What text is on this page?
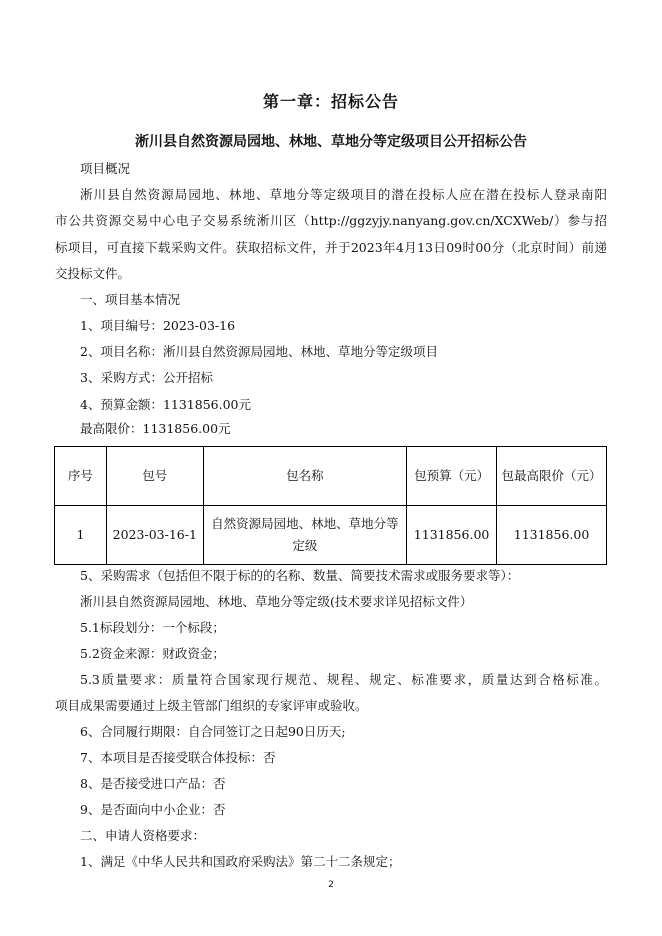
第一章：招标公告
淅川县自然资源局园地、林地、草地分等定级项目公开招标公告
项目概况
淅川县自然资源局园地、林地、草地分等定级项目的潜在投标人应在潜在投标人登录南阳
市公共资源交易中心电子交易系统淅川区（http://ggzyjy.nanyang.gov.cn/XCXWeb/）参与招
标项目，可直接下载采购文件。获取招标文件，并于2023年4月13日09时00分（北京时间）前递
交投标文件。
一、项目基本情况
1、项目编号：2023-03-16
2、项目名称：淅川县自然资源局园地、林地、草地分等定级项目
3、采购方式：公开招标
4、预算金额：1131856.00元
最高限价：1131856.00元
序号	包号	包名称	包预算（元）	包最高限价（元）
1	2023-03-16-1	自然资源局园地、林地、草地分等定级	1131856.00	1131856.00
5、采购需求（包括但不限于标的的名称、数量、简要技术需求或服务要求等）：
淅川县自然资源局园地、林地、草地分等定级(技术要求详见招标文件）
5.1标段划分：一个标段；
5.2资金来源：财政资金；
5.3质量要求：质量符合国家现行规范、规程、规定、标准要求，质量达到合格标准。
项目成果需要通过上级主管部门组织的专家评审或验收。
6、合同履行期限：自合同签订之日起90日历天;
7、本项目是否接受联合体投标：否
8、是否接受进口产品：否
9、是否面向中小企业：否
二、申请人资格要求：
1、满足《中华人民共和国政府采购法》第二十二条规定；
2
